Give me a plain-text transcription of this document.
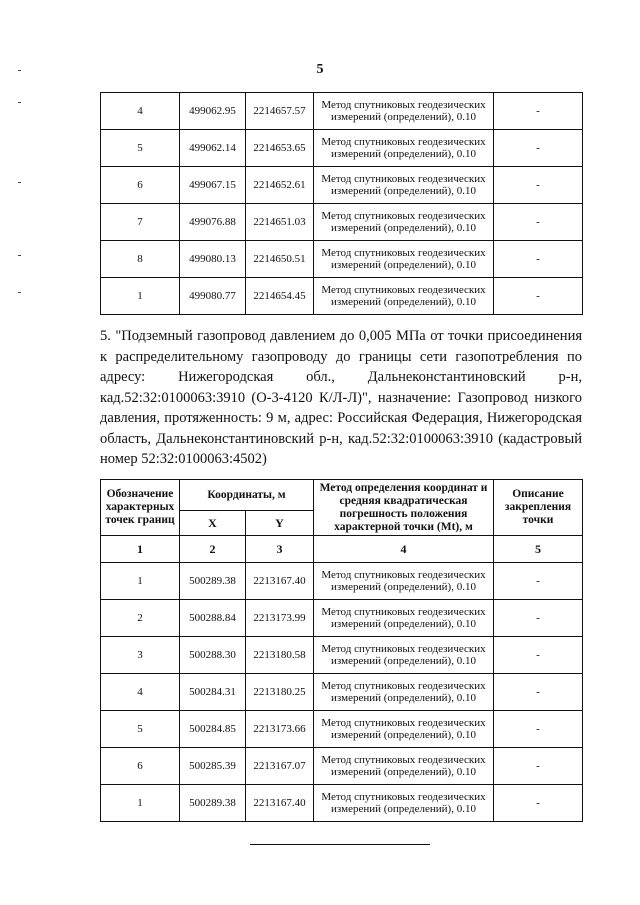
5
4	499062.95	2214657.57	Метод спутниковых геодезических измерений (определений), 0.10	-
5	499062.14	2214653.65	Метод спутниковых геодезических измерений (определений), 0.10	-
6	499067.15	2214652.61	Метод спутниковых геодезических измерений (определений), 0.10	-
7	499076.88	2214651.03	Метод спутниковых геодезических измерений (определений), 0.10	-
8	499080.13	2214650.51	Метод спутниковых геодезических измерений (определений), 0.10	-
1	499080.77	2214654.45	Метод спутниковых геодезических измерений (определений), 0.10	-
5. "Подземный газопровод давлением до 0,005 МПа от точки присоединения к распределительному газопроводу до границы сети газопотребления по адресу: Нижегородская обл., Дальнеконстантиновский р-н, кад.52:32:0100063:3910 (О-3-4120 К/Л-Л)", назначение: Газопровод низкого давления, протяженность: 9 м, адрес: Российская Федерация, Нижегородская область, Дальнеконстантиновский р-н, кад.52:32:0100063:3910 (кадастровый номер 52:32:0100063:4502)
Обозначение характерных точек границ	Координаты, м		Метод определения координат и средняя квадратическая погрешность положения характерной точки (Мt), м	Описание закрепления точки
	X	Y		
1	2	3	4	5
1	500289.38	2213167.40	Метод спутниковых геодезических измерений (определений), 0.10	-
2	500288.84	2213173.99	Метод спутниковых геодезических измерений (определений), 0.10	-
3	500288.30	2213180.58	Метод спутниковых геодезических измерений (определений), 0.10	-
4	500284.31	2213180.25	Метод спутниковых геодезических измерений (определений), 0.10	-
5	500284.85	2213173.66	Метод спутниковых геодезических измерений (определений), 0.10	-
6	500285.39	2213167.07	Метод спутниковых геодезических измерений (определений), 0.10	-
1	500289.38	2213167.40	Метод спутниковых геодезических измерений (определений), 0.10	-
